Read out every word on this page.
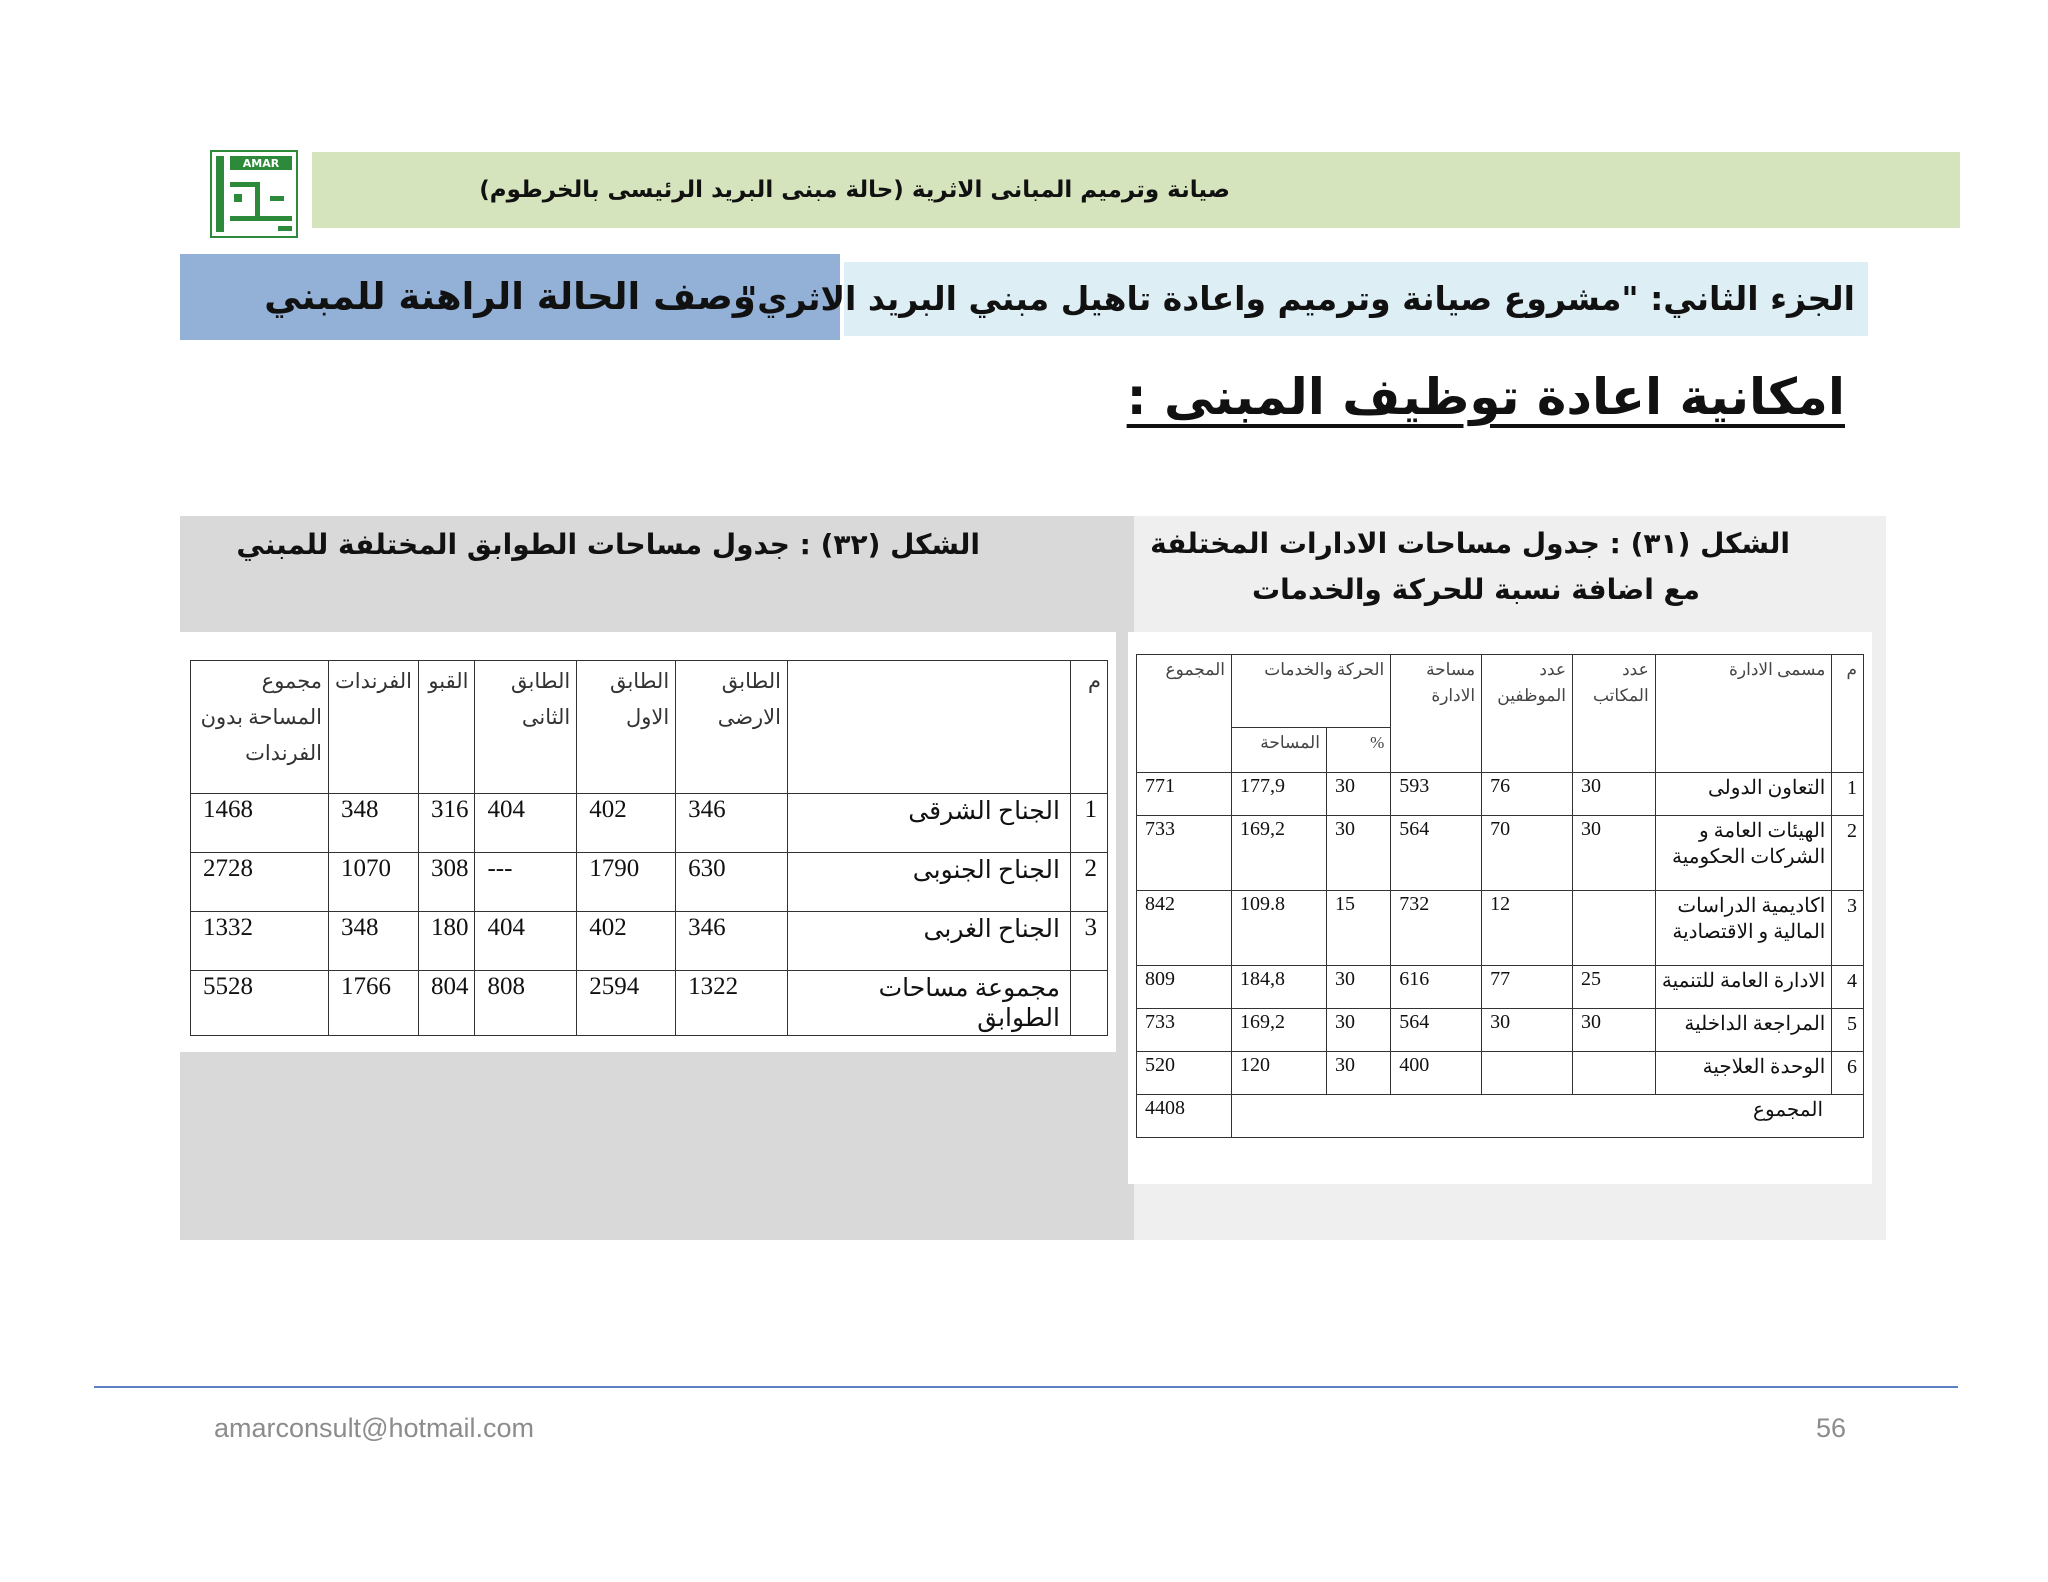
صيانة وترميم المبانى الاثرية (حالة مبنى البريد الرئيسى بالخرطوم)
AMAR
وصف الحالة الراهنة للمبني
الجزء الثاني: "مشروع صيانة وترميم واعادة تاهيل مبني البريد الاثري"
امكانية اعادة توظيف المبنى :
الشكل (٣٢) : جدول مساحات الطوابق المختلفة للمبني	الشكل (٣١) : جدول مساحات الادارات المختلفة
مع اضافة نسبة للحركة والخدمات
م		الطابق الارضى	الطابق الاول	الطابق الثانى	القبو	الفرندات	مجموع المساحة بدون الفرندات
1	الجناح الشرقى	346	402	404	316	348	1468
2	الجناح الجنوبى	630	1790	---	308	1070	2728
3	الجناح الغربى	346	402	404	180	348	1332
	مجموعة مساحات الطوابق	1322	2594	808	804	1766	5528
م	مسمى الادارة	عدد المكاتب	عدد الموظفين	مساحة الادارة	الحركة والخدمات		المجموع
					%	المساحة	
1	التعاون الدولى	30	76	593	30	177,9	771
2	الهيئات العامة و الشركات الحكومية	30	70	564	30	169,2	733
3	اكاديمية الدراسات المالية و الاقتصادية		12	732	15	109.8	842
4	الادارة العامة للتنمية	25	77	616	30	184,8	809
5	المراجعة الداخلية	30	30	564	30	169,2	733
6	الوحدة العلاجية			400	30	120	520
المجموع							4408
amarconsult@hotmail.com	56
